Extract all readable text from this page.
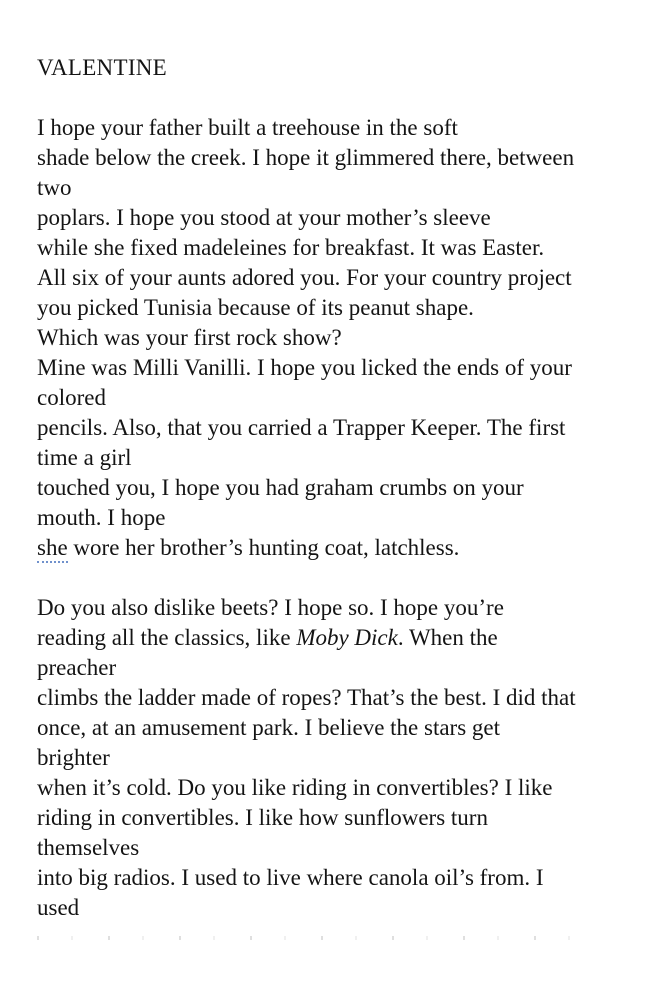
VALENTINE
I hope your father built a treehouse in the soft
shade below the creek. I hope it glimmered there, between
two
poplars. I hope you stood at your mother’s sleeve
while she fixed madeleines for breakfast. It was Easter.
All six of your aunts adored you. For your country project
you picked Tunisia because of its peanut shape.
Which was your first rock show?
Mine was Milli Vanilli. I hope you licked the ends of your
colored
pencils. Also, that you carried a Trapper Keeper. The first
time a girl
touched you, I hope you had graham crumbs on your
mouth. I hope
she wore her brother’s hunting coat, latchless.
Do you also dislike beets? I hope so. I hope you’re
reading all the classics, like Moby Dick. When the
preacher
climbs the ladder made of ropes? That’s the best. I did that
once, at an amusement park. I believe the stars get
brighter
when it’s cold. Do you like riding in convertibles? I like
riding in convertibles. I like how sunflowers turn
themselves
into big radios. I used to live where canola oil’s from. I
used
